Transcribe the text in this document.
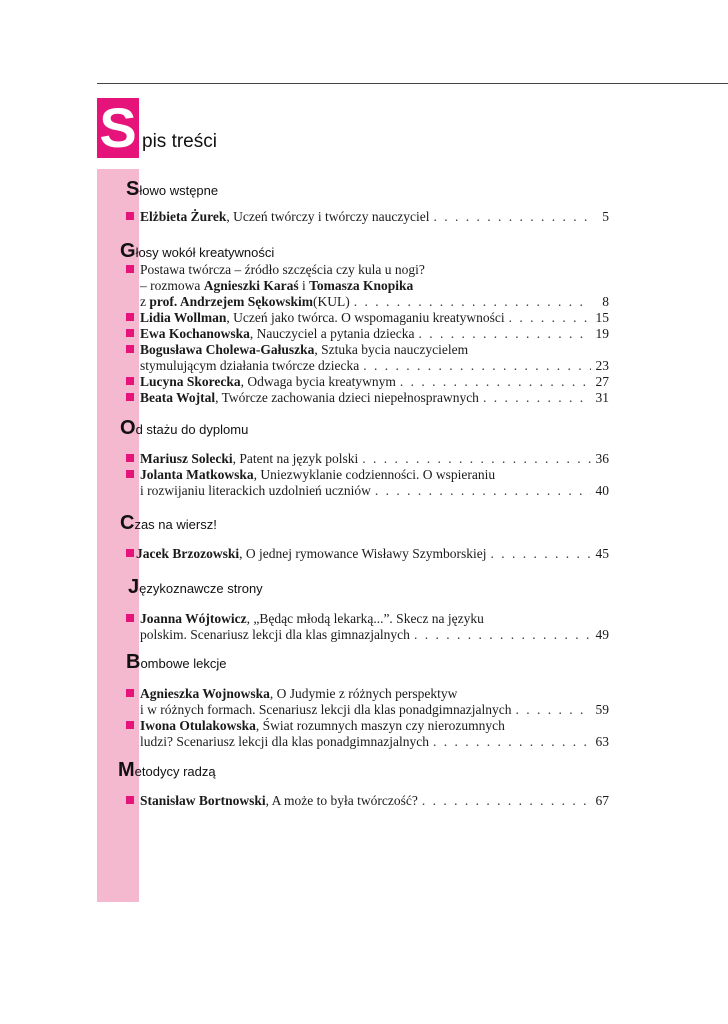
S pis treści
Słowo wstępne
Głosy wokół kreatywności
Od stażu do dyplomu
Czas na wiersz!
Językoznawcze strony
Bombowe lekcje
Metodycy radzą
Elżbieta Żurek , Uczeń twórczy i twórczy nauczyciel . . .	5
Postawa twórcza – źródło szczęścia czy kula u nogi?
– rozmowa
Agnieszki Karaś
i
Tomasza Knopika
z
prof. Andrzejem Sękowskim (KUL) . . .	8
Lidia Wollman , Uczeń jako twórca. O wspomaganiu kreatywności . . .	15
Ewa Kochanowska , Nauczyciel a pytania dziecka . . .	19
Bogusława Cholewa-Gałuszka , Sztuka bycia nauczycielem
stymulującym działania twórcze dziecka . . .	23
Lucyna Skorecka , Odwaga bycia kreatywnym . . .	27
Beata Wojtal , Twórcze zachowania dzieci niepełnosprawnych . . .	31
Mariusz Solecki , Patent na język polski . . .	36
Jolanta Matkowska , Uniezwyklanie codzienności. O wspieraniu
i rozwijaniu literackich uzdolnień uczniów . . .	40
Jacek Brzozowski , O jednej rymowance Wisławy Szymborskiej . . .	45
Joanna Wójtowicz , „Będąc młodą lekarką...”. Skecz na języku
polskim. Scenariusz lekcji dla klas gimnazjalnych . . .	49
Agnieszka Wojnowska , O Judymie z różnych perspektyw
i w różnych formach. Scenariusz lekcji dla klas ponadgimnazjalnych . . .	59
Iwona Otulakowska , Świat rozumnych maszyn czy nierozumnych
ludzi? Scenariusz lekcji dla klas ponadgimnazjalnych . . .	63
Stanisław Bortnowski , A może to była twórczość? . . .	67
